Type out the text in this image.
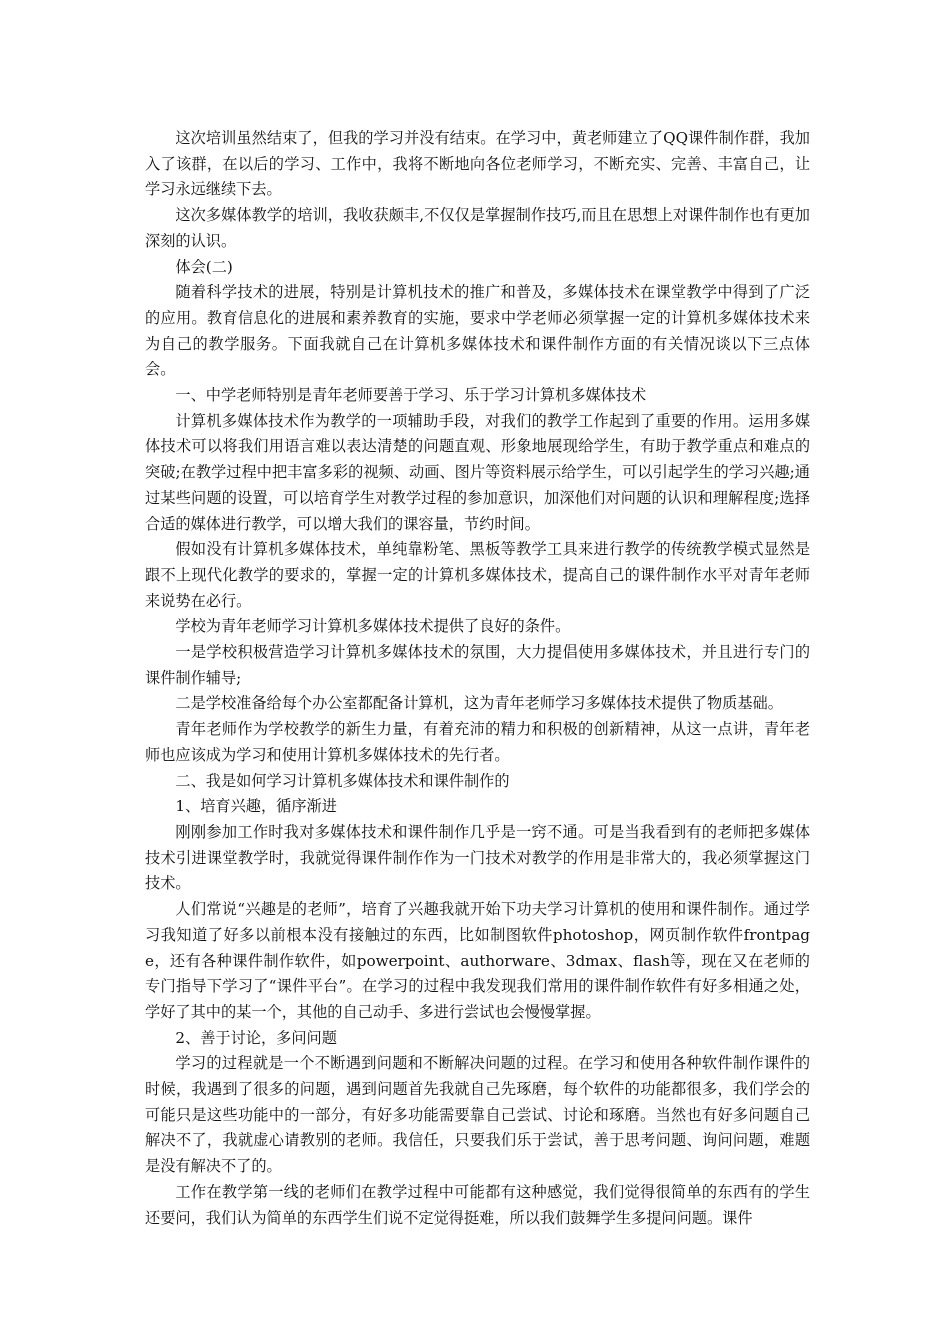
这次培训虽然结束了，但我的学习并没有结束。在学习中，黄老师建立了QQ课件制作群，我加入了该群，在以后的学习、工作中，我将不断地向各位老师学习，不断充实、完善、丰富自己，让学习永远继续下去。

这次多媒体教学的培训，我收获颇丰,不仅仅是掌握制作技巧,而且在思想上对课件制作也有更加深刻的认识。

体会(二)

随着科学技术的进展，特别是计算机技术的推广和普及，多媒体技术在课堂教学中得到了广泛的应用。教育信息化的进展和素养教育的实施，要求中学老师必须掌握一定的计算机多媒体技术来为自己的教学服务。下面我就自己在计算机多媒体技术和课件制作方面的有关情况谈以下三点体会。

一、中学老师特别是青年老师要善于学习、乐于学习计算机多媒体技术

计算机多媒体技术作为教学的一项辅助手段，对我们的教学工作起到了重要的作用。运用多媒体技术可以将我们用语言难以表达清楚的问题直观、形象地展现给学生，有助于教学重点和难点的突破;在教学过程中把丰富多彩的视频、动画、图片等资料展示给学生，可以引起学生的学习兴趣;通过某些问题的设置，可以培育学生对教学过程的参加意识，加深他们对问题的认识和理解程度;选择合适的媒体进行教学，可以增大我们的课容量，节约时间。

假如没有计算机多媒体技术，单纯靠粉笔、黑板等教学工具来进行教学的传统教学模式显然是跟不上现代化教学的要求的，掌握一定的计算机多媒体技术，提高自己的课件制作水平对青年老师来说势在必行。

学校为青年老师学习计算机多媒体技术提供了良好的条件。

一是学校积极营造学习计算机多媒体技术的氛围，大力提倡使用多媒体技术，并且进行专门的课件制作辅导;

二是学校准备给每个办公室都配备计算机，这为青年老师学习多媒体技术提供了物质基础。

青年老师作为学校教学的新生力量，有着充沛的精力和积极的创新精神，从这一点讲，青年老师也应该成为学习和使用计算机多媒体技术的先行者。

二、我是如何学习计算机多媒体技术和课件制作的

1、培育兴趣，循序渐进

刚刚参加工作时我对多媒体技术和课件制作几乎是一窍不通。可是当我看到有的老师把多媒体技术引进课堂教学时，我就觉得课件制作作为一门技术对教学的作用是非常大的，我必须掌握这门技术。

人们常说“兴趣是的老师”，培育了兴趣我就开始下功夫学习计算机的使用和课件制作。通过学习我知道了好多以前根本没有接触过的东西，比如制图软件photoshop，网页制作软件frontpage，还有各种课件制作软件，如powerpoint、authorware、3dmax、flash等，现在又在老师的专门指导下学习了“课件平台”。在学习的过程中我发现我们常用的课件制作软件有好多相通之处，学好了其中的某一个，其他的自己动手、多进行尝试也会慢慢掌握。

2、善于讨论，多问问题

学习的过程就是一个不断遇到问题和不断解决问题的过程。在学习和使用各种软件制作课件的时候，我遇到了很多的问题，遇到问题首先我就自己先琢磨，每个软件的功能都很多，我们学会的可能只是这些功能中的一部分，有好多功能需要靠自己尝试、讨论和琢磨。当然也有好多问题自己解决不了，我就虚心请教别的老师。我信任，只要我们乐于尝试，善于思考问题、询问问题，难题是没有解决不了的。

工作在教学第一线的老师们在教学过程中可能都有这种感觉，我们觉得很简单的东西有的学生还要问，我们认为简单的东西学生们说不定觉得挺难，所以我们鼓舞学生多提问问题。课件
